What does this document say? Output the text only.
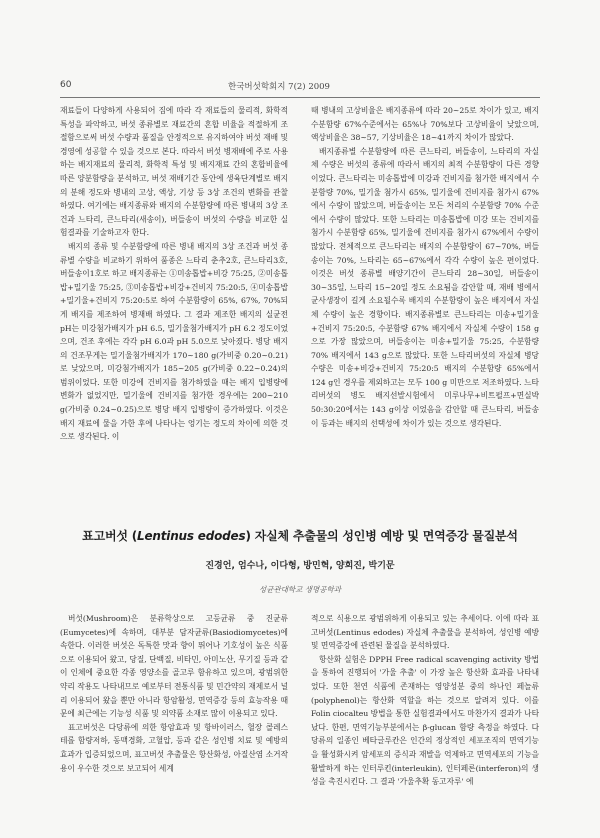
60	한국버섯학회지 7(2) 2009

재료들이 다양하게 사용되어 짐에 따라 각 재료들의 물리적, 화학적 특성을 파악하고, 버섯 종류별로 재료간의 혼합 비율을 적절하게 조절함으로써 버섯 수량과 품질을 안정적으로 유지하여야 버섯 재배 및 경영에 성공할 수 있을 것으로 본다. 따라서 버섯 병재배에 주로 사용하는 배지재료의 물리적, 화학적 특성 및 배지재료 간의 혼합비율에 따른 양분함량을 분석하고, 버섯 재배기간 동안에 생육단계별로 배지의 분해 정도와 병내의 고상, 액상, 기상 등 3상 조건의 변화를 관찰하였다. 여기에는 배지종류와 배지의 수분함량에 따른 병내의 3상 조건과 느타리, 큰느타리(새송이), 버들송이 버섯의 수량을 비교한 실험결과를 기술하고자 한다.

배지의 종류 및 수분함량에 따른 병내 배지의 3상 조건과 버섯 종류별 수량을 비교하기 위하여 품종은 느타리 춘추2호, 큰느타리3호, 버들송이1호로 하고 배지종류는 ①미송톱밥+비강 75:25, ②미송톱밥+밀기울 75:25, ③미송톱밥+비강+건비지 75:20:5, ④미송톱밥+밀기울+건비지 75:20:5로 하여 수분함량이 65%, 67%, 70%되게 배지를 제조하여 병재배 하였다. 그 결과 제조한 배지의 실균전 pH는 미강첨가배지가 pH 6.5, 밀기울첨가배지가 pH 6.2 정도이었으며, 건조 후에는 각각 pH 6.0과 pH 5.0으로 낮아졌다. 병당 배지의 건조무게는 밀기울첨가배지가 170~180 g(가비중 0.20~0.21)로 낮았으며, 미강첨가배지가 185~205 g(가비중 0.22~0.24)의 범위이었다. 또한 미강에 건비지를 첨가하였을 때는 배지 입병량에 변화가 없었지만, 밀기울에 건비지를 첨가한 경우에는 200~210 g(가비중 0.24~0.25)으로 병당 배지 입병량이 증가하였다. 이것은 배지 재료에 물을 가한 후에 나타나는 엉기는 정도의 차이에 의한 것으로 생각된다. 이

때 병내의 고상비율은 배지종류에 따라 20~25로 차이가 있고, 배지수분함량 67%수준에서는 65%나 70%보다 고상비율이 낮았으며, 액상비율은 38~57, 기상비율은 18~41까지 차이가 많았다.

배지종류별 수분함량에 따른 큰느타리, 버들송이, 느타리의 자실체 수량은 버섯의 종류에 따라서 배지의 최적 수분함량이 다른 경향이었다. 큰느타리는 미송톱밥에 미강과 건비지를 첨가한 배지에서 수분함량 70%, 밀기울 첨가시 65%, 밀기울에 건비지를 첨가시 67%에서 수량이 많았으며, 버들송이는 모든 처리의 수분함량 70% 수준에서 수량이 많았다. 또한 느타리는 미송톱밥에 미강 또는 건비지를 첨가시 수분함량 65%, 밀기울에 건비지를 첨가시 67%에서 수량이 많았다. 전체적으로 큰느타리는 배지의 수분함량이 67~70%, 버들송이는 70%, 느타리는 65~67%에서 각각 수량이 높은 편이었다. 이것은 버섯 종류별 배양기간이 큰느타리 28~30일, 버들송이 30~35일, 느타리 15~20일 정도 소요됨을 감안할 때, 재배 병에서 균사생장이 길게 소요될수록 배지의 수분함량이 높은 배지에서 자실체 수량이 높은 경향이다. 배지종류별로 큰느타리는 미송+밀기울+건비지 75:20:5, 수분함량 67% 배지에서 자실체 수량이 158 g으로 가장 많았으며, 버들송이는 미송+밀기울 75:25, 수분함량 70% 배지에서 143 g으로 많았다. 또한 느타리버섯의 자실체 병당 수량은 미송+비강+건비지 75:20:5 배지의 수분함량 65%에서 124 g인 경우를 제외하고는 모두 100 g 미만으로 저조하였다. 느타리버섯의 병도 배지선발시험에서 미루나무+비트펄프+면실박 50:30:20에서는 143 g이상 이었음을 감안할 때 큰느타리, 버들송이 등과는 배지의 선택성에 차이가 있는 것으로 생각된다.

표고버섯 (Lentinus edodes) 자실체 추출물의 성인병 예방 및 면역증강 물질분석
진경언, 엄수나, 이다형, 방민혁, 양희진, 박기문
성균관대학교 생명공학과

버섯(Mushroom)은 분류학상으로 고등균류 중 진균류(Eumycetes)에 속하며, 대부분 담자균류(Basiodiomycetes)에 속한다. 이러한 버섯은 독특한 맛과 향이 뛰어나 기호성이 높은 식품으로 이용되어 왔고, 당질, 단백질, 비타민, 아미노산, 무기질 등과 같이 인체에 중요한 각종 영양소를 골고루 함유하고 있으며, 광범위한 약리 작용도 나타내므로 예로부터 전통식품 및 민간약의 재제로서 널리 이용되어 왔을 뿐만 아니라 항암활성, 면역증강 등의 효능작용 때문에 최근에는 기능성 식품 및 의약품 소재로 많이 이용되고 있다.

표고버섯은 다당류에 의한 항암효과 및 항바이러스, 혈장 콜레스테롤 함량저하, 동맥경화, 고혈압, 등과 같은 성인병 치료 및 예방의 효과가 입증되었으며, 표고버섯 추출물은 항산화성, 아질산염 소거작용이 우수한 것으로 보고되어 세계

적으로 식용으로 광범위하게 이용되고 있는 추세이다. 이에 따라 표고버섯(Lentinus edodes) 자실체 추출물을 분석하여, 성인병 예방 및 면역증강에 관련된 물질을 분석하였다.

항산화 실험은 DPPH Free radical scavenging activity 방법을 통하여 진행되어 '가울 추출' 이 가장 높은 항산화 효과를 나타내었다. 또한 천연 식품에 존재하는 영양성분 중의 하나인 페놀류(polyphenol)는 항산화 역할을 하는 것으로 알려져 있다. 이를 Folin ciocalteu 방법을 통한 실험결과에서도 마찬가지 결과가 나타났다. 한편, 면역기능부분에서는 β-glucan 함량 측정을 하였다. 다당류의 일종인 베타글루칸은 인간의 정상적인 세포조직의 면역기능을 활성화시켜 암세포의 증식과 재발을 억제하고 면역세포의 기능을 활발하게 하는 인터루킨(interleukin), 인터페론(interferon)의 생성을 촉진시킨다. 그 결과 '가울추확 동고자루' 에
